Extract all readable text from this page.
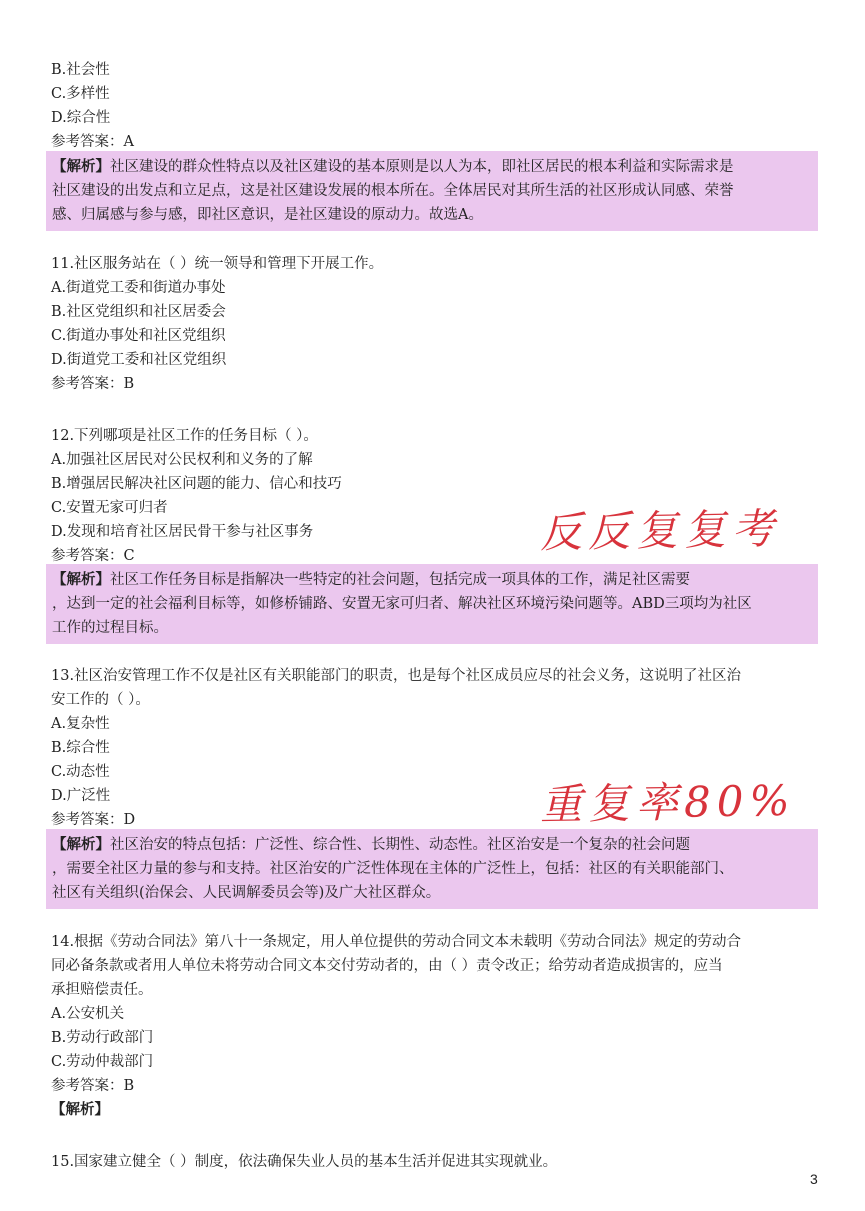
B.社会性
C.多样性
D.综合性
参考答案：A
【解析】社区建设的群众性特点以及社区建设的基本原则是以人为本，即社区居民的根本利益和实际需求是
社区建设的出发点和立足点，这是社区建设发展的根本所在。全体居民对其所生活的社区形成认同感、荣誉
感、归属感与参与感，即社区意识，是社区建设的原动力。故选A。
11.社区服务站在（ ）统一领导和管理下开展工作。
A.街道党工委和街道办事处
B.社区党组织和社区居委会
C.街道办事处和社区党组织
D.街道党工委和社区党组织
参考答案：B
12.下列哪项是社区工作的任务目标（ ）。
A.加强社区居民对公民权利和义务的了解
B.增强居民解决社区问题的能力、信心和技巧
C.安置无家可归者
D.发现和培育社区居民骨干参与社区事务
参考答案：C
【解析】社区工作任务目标是指解决一些特定的社会问题，包括完成一项具体的工作，满足社区需要
，达到一定的社会福利目标等，如修桥铺路、安置无家可归者、解决社区环境污染问题等。ABD三项均为社区
工作的过程目标。
13.社区治安管理工作不仅是社区有关职能部门的职责，也是每个社区成员应尽的社会义务，这说明了社区治
安工作的（ ）。
A.复杂性
B.综合性
C.动态性
D.广泛性
参考答案：D
【解析】社区治安的特点包括：广泛性、综合性、长期性、动态性。社区治安是一个复杂的社会问题
，需要全社区力量的参与和支持。社区治安的广泛性体现在主体的广泛性上，包括：社区的有关职能部门、
社区有关组织(治保会、人民调解委员会等)及广大社区群众。
14.根据《劳动合同法》第八十一条规定，用人单位提供的劳动合同文本未载明《劳动合同法》规定的劳动合
同必备条款或者用人单位未将劳动合同文本交付劳动者的，由（ ）责令改正；给劳动者造成损害的，应当
承担赔偿责任。
A.公安机关
B.劳动行政部门
C.劳动仲裁部门
参考答案：B
【解析】
15.国家建立健全（ ）制度，依法确保失业人员的基本生活并促进其实现就业。
反反复复考
重复率80%
3
